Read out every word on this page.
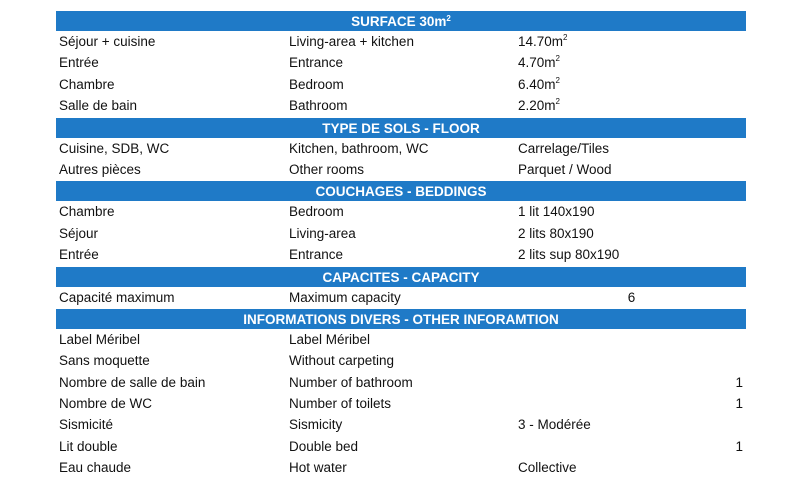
SURFACE $30m^2$
Séjour + cuisine	Living-area + kitchen	$14.70m^2$
Entrée	Entrance	$4.70m^2$
Chambre	Bedroom	$6.40m^2$
Salle de bain	Bathroom	$2.20m^2$
TYPE DE SOLS - FLOOR
Cuisine, SDB, WC	Kitchen, bathroom, WC	Carrelage/Tiles
Autres pièces	Other rooms	Parquet / Wood
COUCHAGES - BEDDINGS
Chambre	Bedroom	1 lit 140x190
Séjour	Living-area	2 lits 80x190
Entrée	Entrance	2 lits sup 80x190
CAPACITES - CAPACITY
Capacité maximum	Maximum capacity	6
INFORMATIONS DIVERS - OTHER INFORAMTION
Label Méribel	Label Méribel
Sans moquette	Without carpeting
Nombre de salle de bain	Number of bathroom	1
Nombre de WC	Number of toilets	1
Sismicité	Sismicity	3 - Modérée
Lit double	Double bed	1
Eau chaude	Hot water	Collective
